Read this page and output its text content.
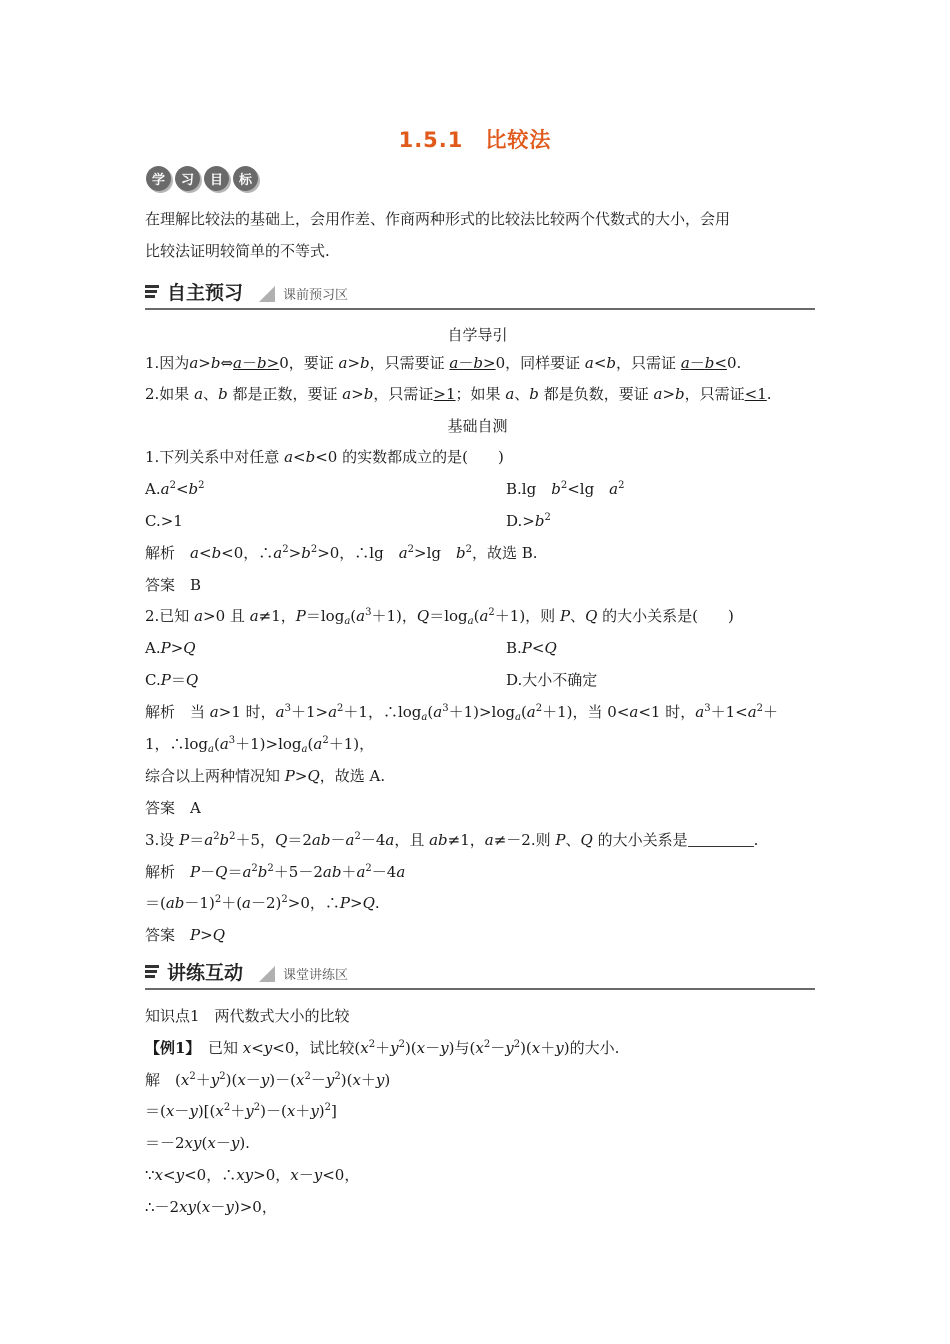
1.5.1　比较法
学	习	目	标
在理解比较法的基础上，会用作差、作商两种形式的比较法比较两个代数式的大小，会用
比较法证明较简单的不等式.
自主预习	课前预习区
自学导引
1.因为a>b⇔a－b>0，要证 a>b，只需要证 a－b>0，同样要证 a<b，只需证 a－b<0.
2.如果 a、b 都是正数，要证 a>b，只需证>1；如果 a、b 都是负数，要证 a>b，只需证<1.
基础自测
1.下列关系中对任意 a<b<0 的实数都成立的是(　　)
$A.a^2<b^2$	B.lg　 $b^2<\lg$　$a^2$
C.>1	$D.>b^2$
解析　 a<b<0，$\therefore a^2>b^2>0$，∴lg　$a^2>\lg$　$b^2$，故选 B.
答案　 B
2.已知 a>0 且 a≠1，$P=\log_a(a^3+1)$，$Q=\log_a(a^2+1)$，则 P、Q 的大小关系是(　　)
A.P>Q	B.P<Q
C.P＝Q	D.大小不确定
解析　当 a>1 时，$a^3+1>a^2+1$，$\therefore\log_a(a^3+1)>\log_a(a^2+1)$，当 0<a<1 时，$a^3+1<a^2+$
1，$\therefore\log_a(a^3+1)>\log_a(a^2+1)$，
综合以上两种情况知 P>Q，故选 A.
答案　 A
3.设 $P=a^2b^2+5$，$Q=2ab-a^2-4a$，且 ab≠1，a≠－2.则 P、Q 的大小关系是	.
解析　 $P-Q=a^2b^2+5-2ab+a^2-4a$
$=(ab-1)^2+(a-2)^2>0$，∴P>Q.
答案　 P>Q
讲练互动	课堂讲练区
知识点1　两代数式大小的比较
【例1】　已知 x<y<0，试比较$(x^2+y^2)(x-y)$与$(x^2-y^2)(x+y)$的大小.
解　$(x^2+y^2)(x-y)-(x^2-y^2)(x+y)$
$=(x-y)[(x^2+y^2)-(x+y)^2]$
＝－2xy(x－y).
∵x<y<0，∴xy>0，x－y<0，
∴－2xy(x－y)>0，
